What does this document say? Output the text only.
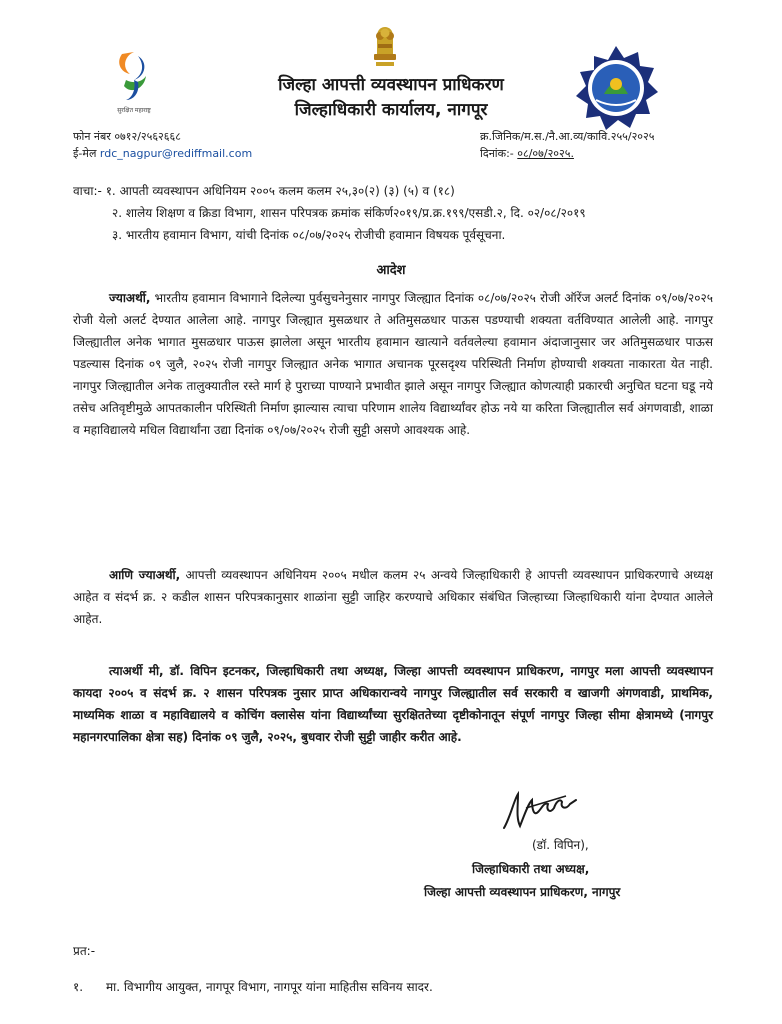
सुरक्षित महाराष्ट्र
जिल्हा आपत्ती व्यवस्थापन प्राधिकरण
जिल्हाधिकारी कार्यालय, नागपूर
फोन नंबर ०७१२/२५६२६६८
ई-मेल rdc_nagpur@rediffmail.com
क्र.जिनिक/म.स./नै.आ.व्य/कावि.२५५/२०२५
दिनांक:- ०८/०७/२०२५.
वाचा:- १. आपती व्यवस्थापन अधिनियम २००५ कलम कलम २५,३०(२) (३) (५) व (१८)
२. शालेय शिक्षण व क्रिडा विभाग, शासन परिपत्रक क्रमांक संकिर्ण२०१९/प्र.क्र.१९९/एसडी.२, दि. ०२/०८/२०१९
३. भारतीय हवामान विभाग, यांची दिनांक ०८/०७/२०२५ रोजीची हवामान विषयक पूर्वसूचना.
आदेश
ज्याअर्थी, भारतीय हवामान विभागाने दिलेल्या पुर्वसुचनेनुसार नागपुर जिल्ह्यात दिनांक ०८/०७/२०२५ रोजी ऑरेंज अलर्ट दिनांक ०९/०७/२०२५ रोजी येलो अलर्ट देण्यात आलेला आहे. नागपुर जिल्ह्यात मुसळधार ते अतिमुसळधार पाऊस पडण्याची शक्यता वर्तविण्यात आलेली आहे. नागपुर जिल्ह्यातील अनेक भागात मुसळधार पाऊस झालेला असून भारतीय हवामान खात्याने वर्तवलेल्या हवामान अंदाजानुसार जर अतिमुसळधार पाऊस पडल्यास दिनांक ०९ जुलै, २०२५ रोजी नागपुर जिल्ह्यात अनेक भागात अचानक पूरसदृश्य परिस्थिती निर्माण होण्याची शक्यता नाकारता येत नाही. नागपुर जिल्ह्यातील अनेक तालुक्यातील रस्ते मार्ग हे पुराच्या पाण्याने प्रभावीत झाले असून नागपुर जिल्ह्यात कोणत्याही प्रकारची अनुचित घटना घडू नये तसेच अतिवृष्टीमुळे आपतकालीन परिस्थिती निर्माण झाल्यास त्याचा परिणाम शालेय विद्यार्थ्यांवर होऊ नये या करिता जिल्ह्यातील सर्व अंगणवाडी, शाळा व महाविद्यालये मधिल विद्यार्थांना उद्या दिनांक ०९/०७/२०२५ रोजी सुट्टी असणे आवश्यक आहे.
आणि ज्याअर्थी, आपत्ती व्यवस्थापन अधिनियम २००५ मधील कलम २५ अन्वये जिल्हाधिकारी हे आपत्ती व्यवस्थापन प्राधिकरणाचे अध्यक्ष आहेत व संदर्भ क्र. २ कडील शासन परिपत्रकानुसार शाळांना सुट्टी जाहिर करण्याचे अधिकार संबंधित जिल्हाच्या जिल्हाधिकारी यांना देण्यात आलेले आहेत.
त्याअर्थी मी, डॉ. विपिन इटनकर, जिल्हाधिकारी तथा अध्यक्ष, जिल्हा आपत्ती व्यवस्थापन प्राधिकरण, नागपुर मला आपत्ती व्यवस्थापन कायदा २००५ व संदर्भ क्र. २ शासन परिपत्रक नुसार प्राप्त अधिकारान्वये नागपुर जिल्ह्यातील सर्व सरकारी व खाजगी अंगणवाडी, प्राथमिक, माध्यमिक शाळा व महाविद्यालये व कोचिंग क्लासेस यांना विद्यार्थ्यांच्या सुरक्षिततेच्या दृष्टीकोनातून संपूर्ण नागपुर जिल्हा सीमा क्षेत्रामध्ये (नागपुर महानगरपालिका क्षेत्रा सह) दिनांक ०९ जुलै, २०२५, बुधवार रोजी सुट्टी जाहीर करीत आहे.
(डॉ. विपिन),
जिल्हाधिकारी तथा अध्यक्ष,
जिल्हा आपत्ती व्यवस्थापन प्राधिकरण, नागपुर
प्रत:-
१. मा. विभागीय आयुक्त, नागपूर विभाग, नागपूर यांना माहितीस सविनय सादर.
